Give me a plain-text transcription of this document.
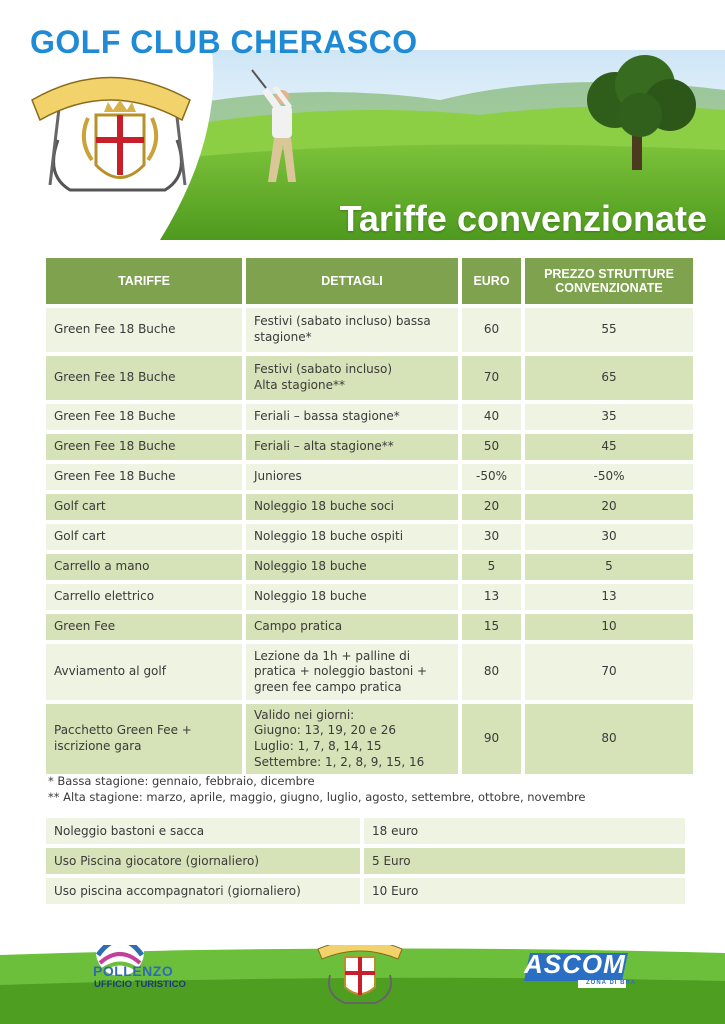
GOLF CLUB CHERASCO
Tariffe convenzionate
TARIFFE	DETTAGLI	EURO	PREZZO STRUTTURE CONVENZIONATE
Green Fee 18 Buche	Festivi (sabato incluso) bassa
stagione*	60	55
Green Fee 18 Buche	Festivi (sabato incluso)
Alta stagione**	70	65
Green Fee 18 Buche	Feriali – bassa stagione*	40	35
Green Fee 18 Buche	Feriali – alta stagione**	50	45
Green Fee 18 Buche	Juniores	-50%	-50%
Golf cart	Noleggio 18 buche soci	20	20
Golf cart	Noleggio 18 buche ospiti	30	30
Carrello a mano	Noleggio 18 buche	5	5
Carrello elettrico	Noleggio 18 buche	13	13
Green Fee	Campo pratica	15	10
Avviamento al golf	Lezione da 1h + palline di
pratica + noleggio bastoni +
green fee campo pratica	80	70
Pacchetto Green Fee + iscrizione gara	Valido nei giorni:
Giugno: 13, 19, 20 e 26
Luglio: 1, 7, 8, 14, 15
Settembre: 1, 2, 8, 9, 15, 16	90	80
* Bassa stagione: gennaio, febbraio, dicembre
** Alta stagione: marzo, aprile, maggio, giugno, luglio, agosto, settembre, ottobre, novembre
Noleggio bastoni e sacca	18 euro
Uso Piscina giocatore (giornaliero)	5 Euro
Uso piscina accompagnatori (giornaliero)	10 Euro
POLLENZO
UFFICIO TURISTICO
ASCOM
ZONA DI BRA
